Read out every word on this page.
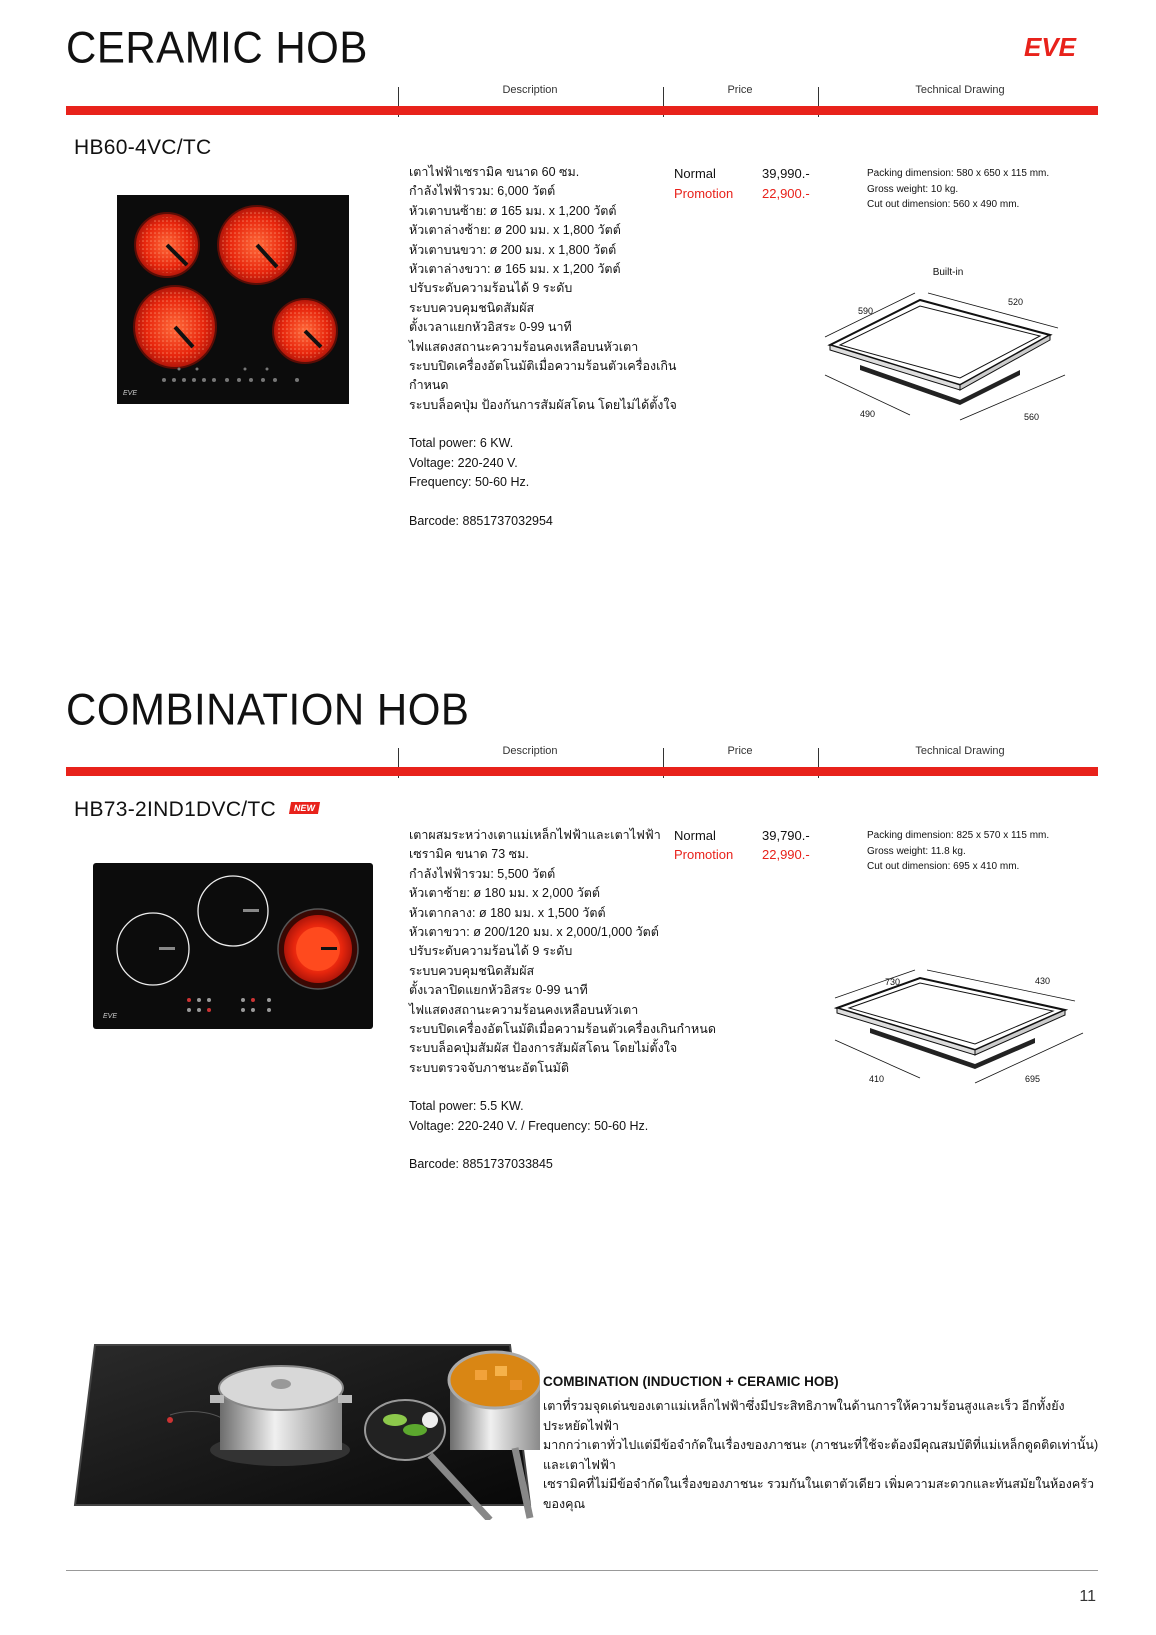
EVE
CERAMIC HOB
Description	Price	Technical Drawing
HB60-4VC/TC
EVE
เตาไฟฟ้าเซรามิค ขนาด 60 ซม.
กำลังไฟฟ้ารวม: 6,000 วัตต์
หัวเตาบนซ้าย: ø 165 มม. x 1,200 วัตต์
หัวเตาล่างซ้าย: ø 200 มม. x 1,800 วัตต์
หัวเตาบนขวา: ø 200 มม. x 1,800 วัตต์
หัวเตาล่างขวา: ø 165 มม. x 1,200 วัตต์
ปรับระดับความร้อนได้ 9 ระดับ
ระบบควบคุมชนิดสัมผัส
ตั้งเวลาแยกหัวอิสระ 0-99 นาที
ไฟแสดงสถานะความร้อนคงเหลือบนหัวเตา
ระบบปิดเครื่องอัตโนมัติเมื่อความร้อนตัวเครื่องเกิน
กำหนด
ระบบล็อคปุ่ม ป้องกันการสัมผัสโดน โดยไม่ได้ตั้งใจ
Total power: 6 KW.
Voltage: 220-240 V.
Frequency: 50-60 Hz.
Barcode: 8851737032954
Normal	39,990.-
Promotion 22,900.-
Packing dimension: 580 x 650 x 115 mm.
Gross weight: 10 kg.
Cut out dimension: 560 x 490 mm.
Built-in
590
520
490	560
COMBINATION HOB
Description	Price	Technical Drawing
HB73-2IND1DVC/TC	NEW
EVE
เตาผสมระหว่างเตาแม่เหล็กไฟฟ้าและเตาไฟฟ้า
เซรามิค ขนาด 73 ซม.
กำลังไฟฟ้ารวม: 5,500 วัตต์
หัวเตาซ้าย: ø 180 มม. x 2,000 วัตต์
หัวเตากลาง: ø 180 มม. x 1,500 วัตต์
หัวเตาขวา: ø 200/120 มม. x 2,000/1,000 วัตต์
ปรับระดับความร้อนได้ 9 ระดับ
ระบบควบคุมชนิดสัมผัส
ตั้งเวลาปิดแยกหัวอิสระ 0-99 นาที
ไฟแสดงสถานะความร้อนคงเหลือบนหัวเตา
ระบบปิดเครื่องอัตโนมัติเมื่อความร้อนตัวเครื่องเกินกำหนด
ระบบล็อคปุ่มสัมผัส ป้องการสัมผัสโดน โดยไม่ตั้งใจ
ระบบตรวจจับภาชนะอัตโนมัติ
Total power: 5.5 KW.
Voltage: 220-240 V. / Frequency: 50-60 Hz.
Barcode: 8851737033845
Normal	39,790.-
Promotion 22,990.-
Packing dimension: 825 x 570 x 115 mm.
Gross weight: 11.8 kg.
Cut out dimension: 695 x 410 mm.
730	430
410	695
COMBINATION (INDUCTION + CERAMIC HOB)
เตาที่รวมจุดเด่นของเตาแม่เหล็กไฟฟ้าซึ่งมีประสิทธิภาพในด้านการให้ความร้อนสูงและเร็ว อีกทั้งยังประหยัดไฟฟ้า
มากกว่าเตาทั่วไปแต่มีข้อจำกัดในเรื่องของภาชนะ (ภาชนะที่ใช้จะต้องมีคุณสมบัติที่แม่เหล็กดูดติดเท่านั้น) และเตาไฟฟ้า
เซรามิคที่ไม่มีข้อจำกัดในเรื่องของภาชนะ รวมกันในเตาตัวเดียว เพิ่มความสะดวกและทันสมัยในห้องครัวของคุณ
11
